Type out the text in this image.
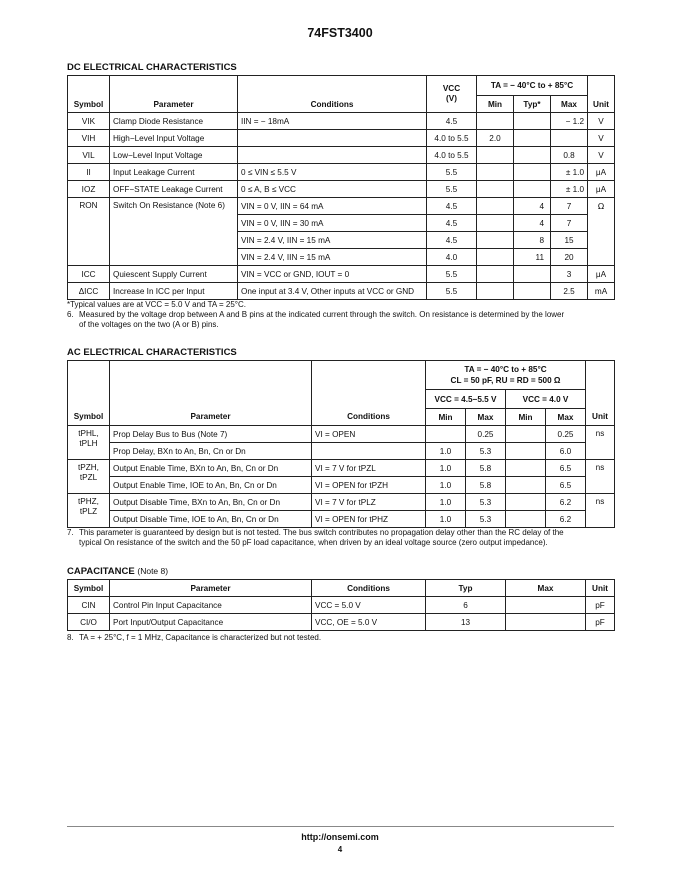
74FST3400
DC ELECTRICAL CHARACTERISTICS
Symbol	Parameter	Conditions	VCC
(V)	TA = − 40°C to + 85°C			Unit
				Min	Typ*	Max	
VIK	Clamp Diode Resistance	IIN = − 18mA	4.5			− 1.2	V
VIH	High−Level Input Voltage		4.0 to 5.5	2.0			V
VIL	Low−Level Input Voltage		4.0 to 5.5			0.8	V
II	Input Leakage Current	0 ≤ VIN ≤ 5.5 V	5.5			± 1.0	μA
IOZ	OFF−STATE Leakage Current	0 ≤ A, B ≤ VCC	5.5			± 1.0	μA
RON	Switch On Resistance (Note 6)	VIN = 0 V, IIN = 64 mA	4.5		4	7	Ω
		VIN = 0 V, IIN = 30 mA	4.5		4	7	
		VIN = 2.4 V, IIN = 15 mA	4.5		8	15	
		VIN = 2.4 V, IIN = 15 mA	4.0		11	20	
ICC	Quiescent Supply Current	VIN = VCC or GND, IOUT = 0	5.5			3	μA
ΔICC	Increase In ICC per Input	One input at 3.4 V, Other inputs at VCC or GND	5.5			2.5	mA
*Typical values are at VCC = 5.0 V and TA = 25°C.
6. Measured by the voltage drop between A and B pins at the indicated current through the switch. On resistance is determined by the lower
of the voltages on the two (A or B) pins.
AC ELECTRICAL CHARACTERISTICS
			TA = − 40°C to + 85°C
CL = 50 pF, RU = RD = 500 Ω				
			VCC = 4.5−5.5 V		VCC = 4.0 V		
Symbol	Parameter	Conditions	Min	Max	Min	Max	Unit
tPHL,
tPLH	Prop Delay Bus to Bus (Note 7)	VI = OPEN		0.25		0.25	ns
	Prop Delay, BXn to An, Bn, Cn or Dn		1.0	5.3		6.0	
tPZH,
tPZL	Output Enable Time, BXn to An, Bn, Cn or Dn	VI = 7 V for tPZL	1.0	5.8		6.5	ns
	Output Enable Time, IOE to An, Bn, Cn or Dn	VI = OPEN for tPZH	1.0	5.8		6.5	
tPHZ,
tPLZ	Output Disable Time, BXn to An, Bn, Cn or Dn	VI = 7 V for tPLZ	1.0	5.3		6.2	ns
	Output Disable Time, IOE to An, Bn, Cn or Dn	VI = OPEN for tPHZ	1.0	5.3		6.2	
7. This parameter is guaranteed by design but is not tested. The bus switch contributes no propagation delay other than the RC delay of the
typical On resistance of the switch and the 50 pF load capacitance, when driven by an ideal voltage source (zero output impedance).
CAPACITANCE (Note 8)
Symbol	Parameter	Conditions	Typ	Max	Unit
CIN	Control Pin Input Capacitance	VCC = 5.0 V	6		pF
CI/O	Port Input/Output Capacitance	VCC, OE = 5.0 V	13		pF
8. TA = + 25°C, f = 1 MHz, Capacitance is characterized but not tested.
http://onsemi.com
4
